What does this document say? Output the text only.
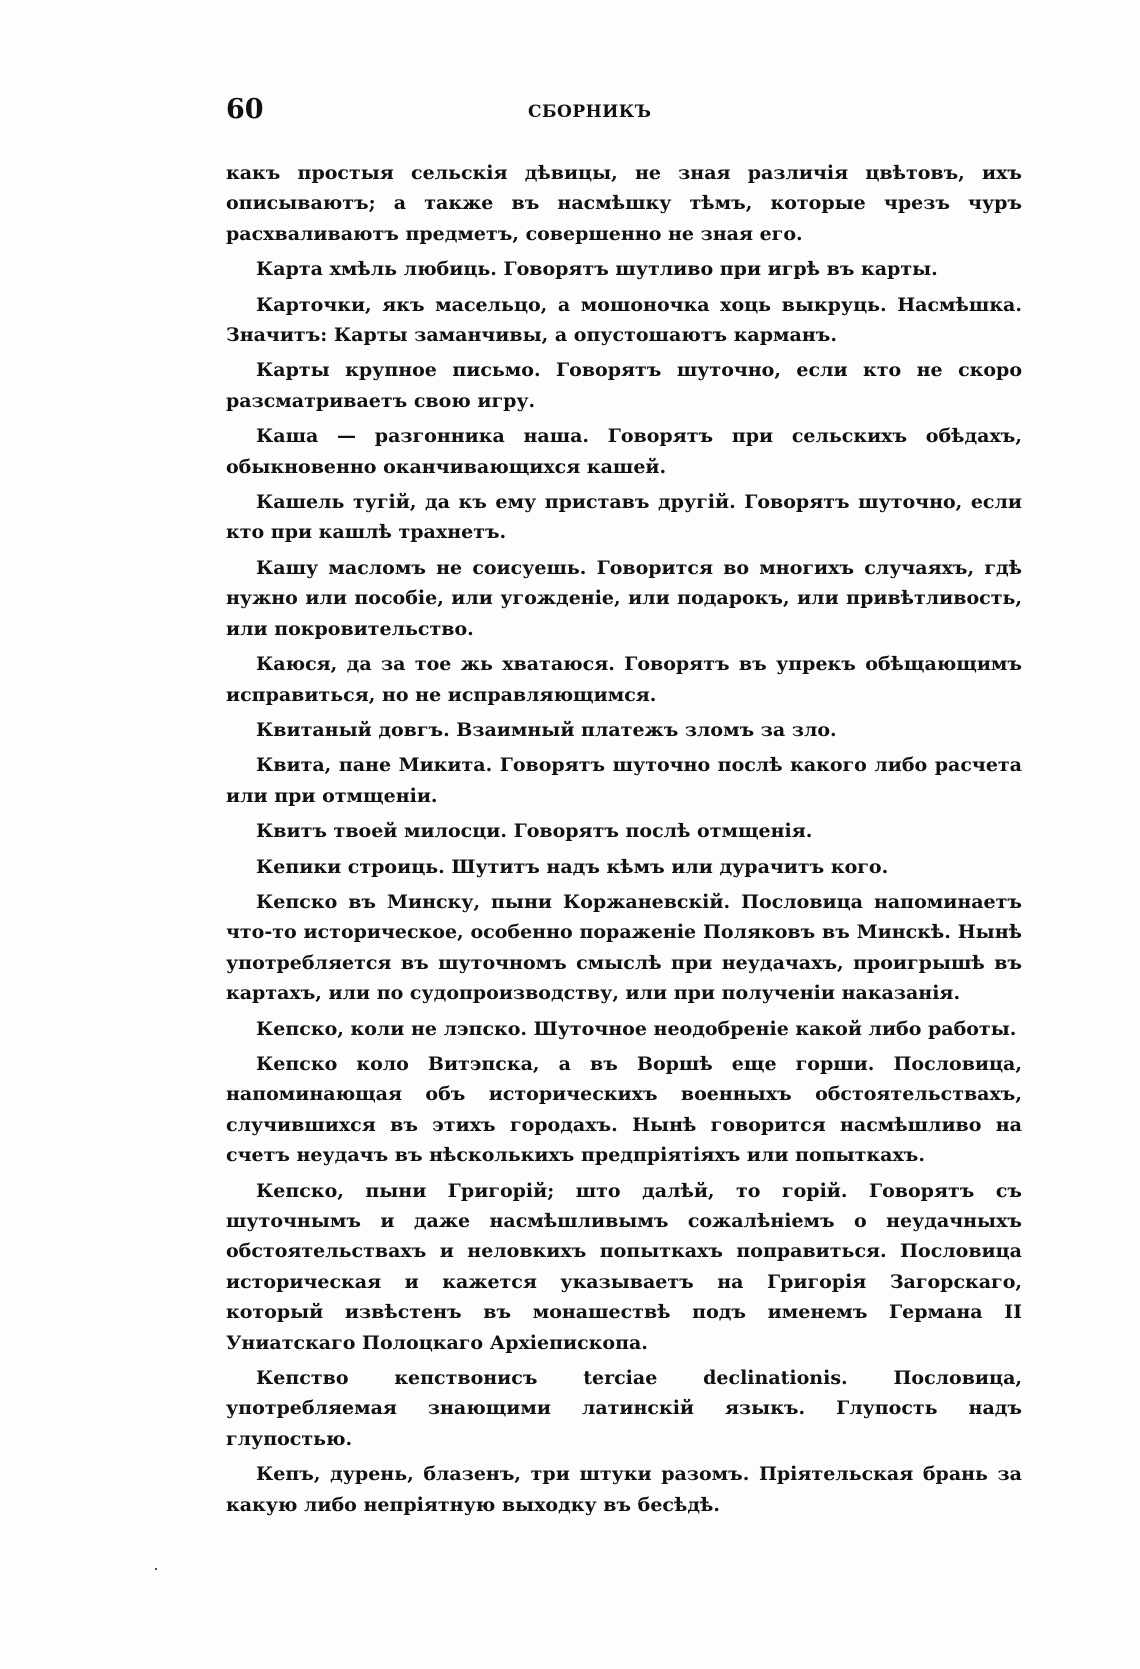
60	СБОРНИКЪ

какъ простыя сельскія дѣвицы, не зная различія цвѣтовъ, ихъ описываютъ; а также въ насмѣшку тѣмъ, которые чрезъ чуръ расхваливаютъ предметъ, совершенно не зная его.

Карта хмѣль любиць. Говорятъ шутливо при игрѣ въ карты.

Карточки, якъ масельцо, а мошоночка хоць выкруць. Насмѣшка. Значитъ: Карты заманчивы, а опустошаютъ карманъ.

Карты крупное письмо. Говорятъ шуточно, если кто не скоро разсматриваетъ свою игру.

Каша — разгонника наша. Говорятъ при сельскихъ обѣдахъ, обыкновенно оканчивающихся кашей.

Кашель тугій, да къ ему приставъ другій. Говорятъ шуточно, если кто при кашлѣ трахнетъ.

Кашу масломъ не соисуешь. Говорится во многихъ случаяхъ, гдѣ нужно или пособіе, или угожденіе, или подарокъ, или привѣтливость, или покровительство.

Каюся, да за тое жь хватаюся. Говорятъ въ упрекъ обѣщающимъ исправиться, но не исправляющимся.

Квитаный довгъ. Взаимный платежъ зломъ за зло.

Квита, пане Микита. Говорятъ шуточно послѣ какого либо расчета или при отмщеніи.

Квитъ твоей милосци. Говорятъ послѣ отмщенія.

Кепики строиць. Шутитъ надъ кѣмъ или дурачитъ кого.

Кепско въ Минску, пыни Коржаневскій. Пословица напоминаетъ что-то историческое, особенно пораженіе Поляковъ въ Минскѣ. Нынѣ употребляется въ шуточномъ смыслѣ при неудачахъ, проигрышѣ въ картахъ, или по судопроизводству, или при полученіи наказанія.

Кепско, коли не лэпско. Шуточное неодобреніе какой либо работы.

Кепско коло Витэпска, а въ Воршѣ еще горши. Пословица, напоминающая объ историческихъ военныхъ обстоятельствахъ, случившихся въ этихъ городахъ. Нынѣ говорится насмѣшливо на счетъ неудачъ въ нѣсколькихъ предпріятіяхъ или попыткахъ.

Кепско, пыни Григорій; што далѣй, то горій. Говорятъ съ шуточнымъ и даже насмѣшливымъ сожалѣніемъ о неудачныхъ обстоятельствахъ и неловкихъ попыткахъ поправиться. Пословица историческая и кажется указываетъ на Григорія Загорскаго, который извѣстенъ въ монашествѣ подъ именемъ Германа II Униатскаго Полоцкаго Архіепископа.

Кепство кепствонисъ terciae declinationis. Пословица, употребляемая знающими латинскій языкъ. Глупость надъ глупостью.

Кепъ, дурень, блазенъ, три штуки разомъ. Пріятельская брань за какую либо непріятную выходку въ бесѣдѣ.
